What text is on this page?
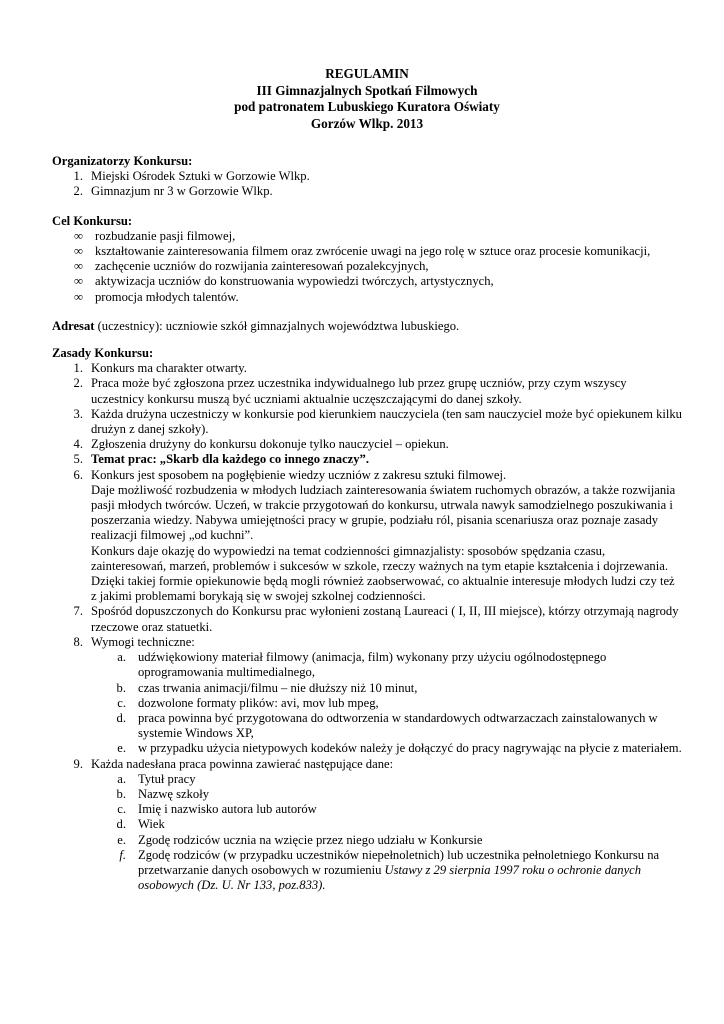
REGULAMIN
III Gimnazjalnych Spotkań Filmowych
pod patronatem Lubuskiego Kuratora Oświaty
Gorzów Wlkp. 2013
Organizatorzy Konkursu:
1. Miejski Ośrodek Sztuki w Gorzowie Wlkp.
2. Gimnazjum nr 3 w Gorzowie Wlkp.
Cel Konkursu:
∞ rozbudzanie pasji filmowej,
∞ kształtowanie zainteresowania filmem oraz zwrócenie uwagi na jego rolę w sztuce oraz procesie komunikacji,
∞ zachęcenie uczniów do rozwijania zainteresowań pozalekcyjnych,
∞ aktywizacja uczniów do konstruowania wypowiedzi twórczych, artystycznych,
∞ promocja młodych talentów.
Adresat (uczestnicy): uczniowie szkół gimnazjalnych województwa lubuskiego.
Zasady Konkursu:
1. Konkurs ma charakter otwarty.
2. Praca może być zgłoszona przez uczestnika indywidualnego lub przez grupę uczniów, przy czym wszyscy uczestnicy konkursu muszą być uczniami aktualnie uczęszczającymi do danej szkoły.
3. Każda drużyna uczestniczy w konkursie pod kierunkiem nauczyciela (ten sam nauczyciel może być opiekunem kilku drużyn z danej szkoły).
4. Zgłoszenia drużyny do konkursu dokonuje tylko nauczyciel – opiekun.
5. Temat prac: „Skarb dla każdego co innego znaczy”.
6. Konkurs jest sposobem na pogłębienie wiedzy uczniów z zakresu sztuki filmowej.
Daje możliwość rozbudzenia w młodych ludziach zainteresowania światem ruchomych obrazów, a także rozwijania pasji młodych twórców. Uczeń, w trakcie przygotowań do konkursu, utrwala nawyk samodzielnego poszukiwania i poszerzania wiedzy. Nabywa umiejętności pracy w grupie, podziału ról, pisania scenariusza oraz poznaje zasady realizacji filmowej „od kuchni”.
Konkurs daje okazję do wypowiedzi na temat codzienności gimnazjalisty: sposobów spędzania czasu, zainteresowań, marzeń, problemów i sukcesów w szkole, rzeczy ważnych na tym etapie kształcenia i dojrzewania. Dzięki takiej formie opiekunowie będą mogli również zaobserwować, co aktualnie interesuje młodych ludzi czy też z jakimi problemami borykają się w swojej szkolnej codzienności.
7. Spośród dopuszczonych do Konkursu prac wyłonieni zostaną Laureaci ( I, II, III miejsce), którzy otrzymają nagrody rzeczowe oraz statuetki.
8. Wymogi techniczne:
a. udźwiękowiony materiał filmowy (animacja, film) wykonany przy użyciu ogólnodostępnego oprogramowania multimedialnego,
b. czas trwania animacji/filmu – nie dłuższy niż 10 minut,
c. dozwolone formaty plików: avi, mov lub mpeg,
d. praca powinna być przygotowana do odtworzenia w standardowych odtwarzaczach zainstalowanych w systemie Windows XP,
e. w przypadku użycia nietypowych kodeków należy je dołączyć do pracy nagrywając na płycie z materiałem.
9. Każda nadesłana praca powinna zawierać następujące dane:
a. Tytuł pracy
b. Nazwę szkoły
c. Imię i nazwisko autora lub autorów
d. Wiek
e. Zgodę rodziców ucznia na wzięcie przez niego udziału w Konkursie
f. Zgodę rodziców (w przypadku uczestników niepełnoletnich) lub uczestnika pełnoletniego Konkursu na przetwarzanie danych osobowych w rozumieniu Ustawy z 29 sierpnia 1997 roku o ochronie danych osobowych (Dz. U. Nr 133, poz.833).
